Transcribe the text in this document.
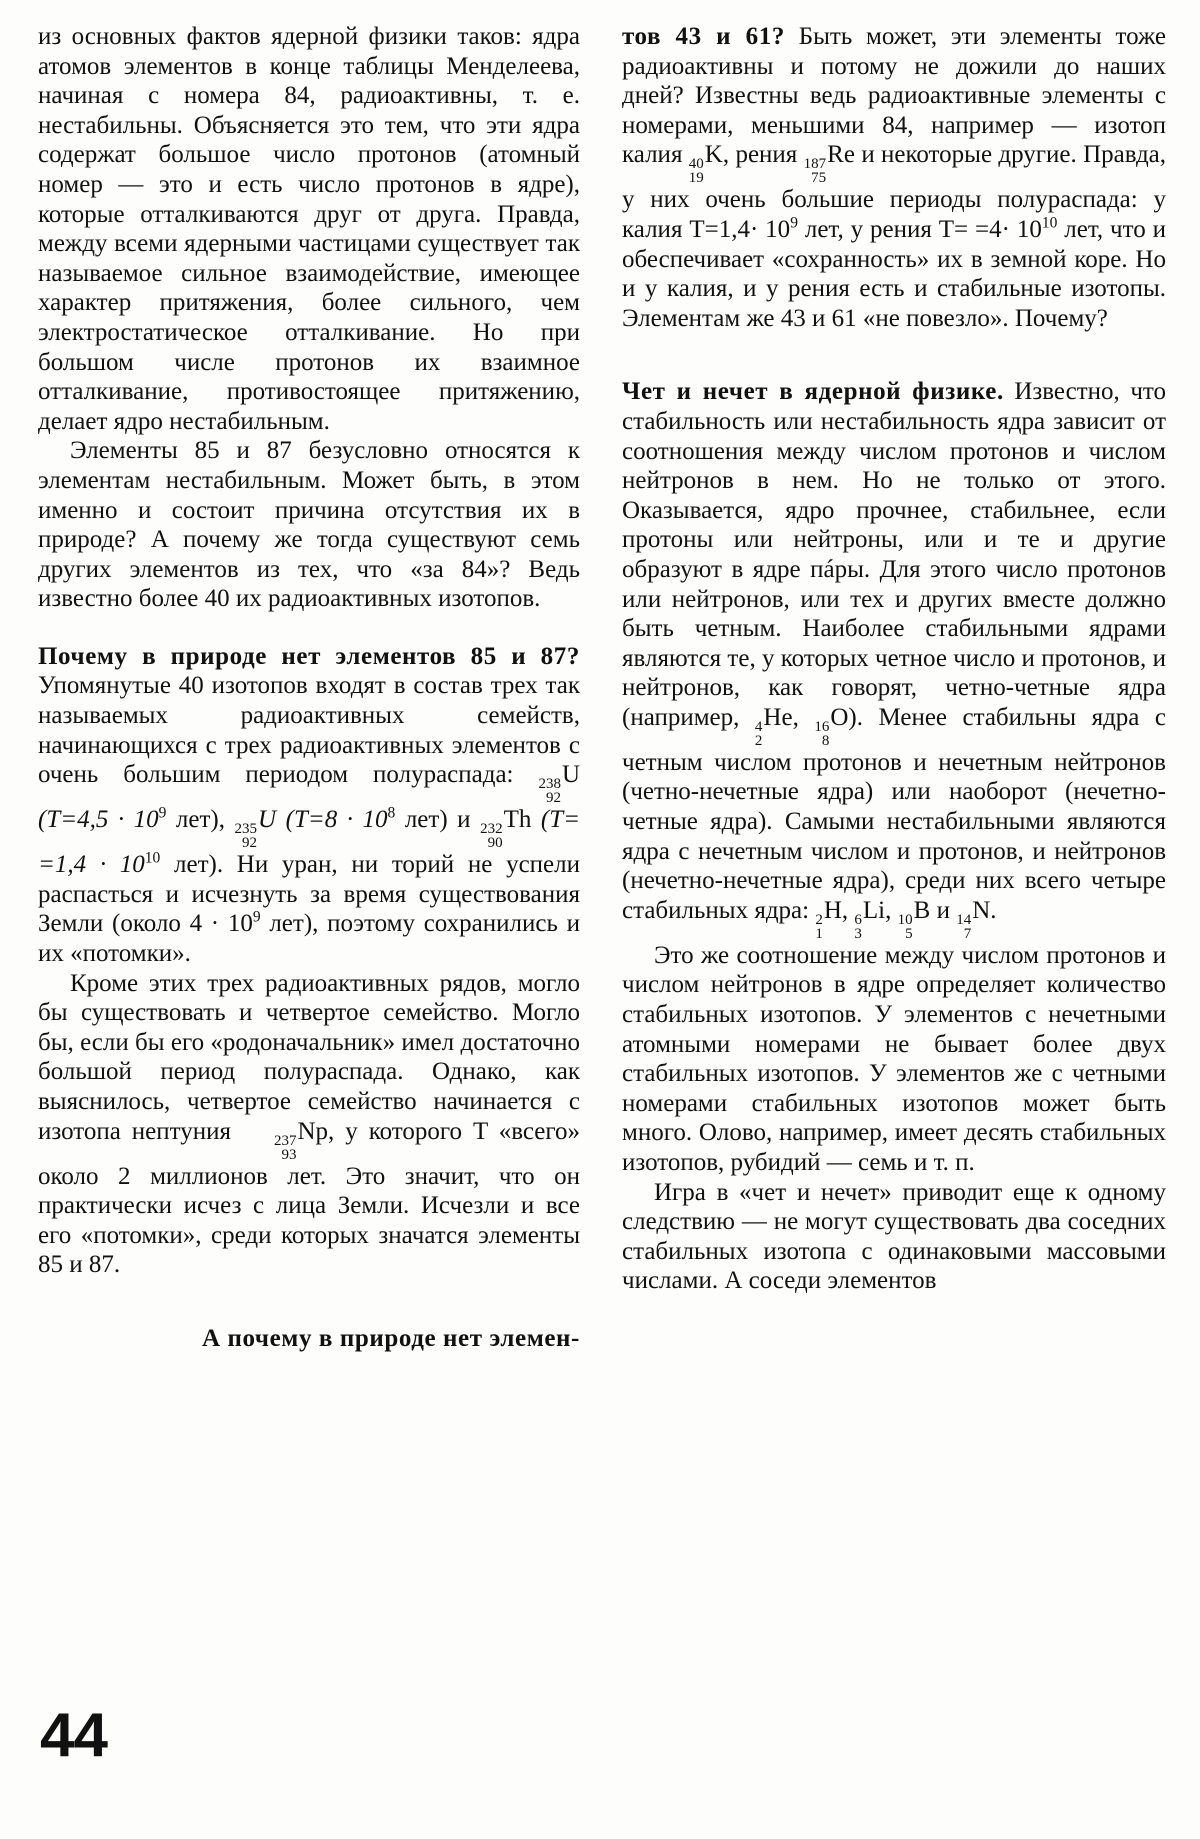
из основных фактов ядерной физики таков: ядра атомов элементов в конце таблицы Менделеева, начиная с номера 84, радиоактивны, т. е. нестабильны. Объясняется это тем, что эти ядра содержат большое число протонов (атомный номер — это и есть число протонов в ядре), которые отталкиваются друг от друга. Правда, между всеми ядерными частицами существует так называемое сильное взаимодействие, имеющее характер притяжения, более сильного, чем электростатическое отталкивание. Но при большом числе протонов их взаимное отталкивание, противостоящее притяжению, делает ядро нестабильным.

Элементы 85 и 87 безусловно относятся к элементам нестабильным. Может быть, в этом именно и состоит причина отсутствия их в природе? А почему же тогда существуют семь других элементов из тех, что «за 84»? Ведь известно более 40 их радиоактивных изотопов.

Почему в природе нет элементов 85 и 87? Упомянутые 40 изотопов входят в состав трех так называемых радиоактивных семейств, начинающихся с трех радиоактивных элементов с очень большим периодом полураспада: 238
92
U ($T=4,5 \cdot 10^9$ лет), 235
92
U ($T=8 \cdot 10^8$ лет) и 232
90
Th ($T= =1,4 \cdot 10^{10}$ лет). Ни уран, ни торий не успели распасться и исчезнуть за время существования Земли (около $4 \cdot 10^9$ лет), поэтому сохранились и их «потомки».

Кроме этих трех радиоактивных рядов, могло бы существовать и четвертое семейство. Могло бы, если бы его «родоначальник» имел достаточно большой период полураспада. Однако, как выяснилось, четвертое семейство начинается с изотопа нептуния	237
93
Np, у которого T «всего» около 2 миллионов лет. Это значит, что он практически исчез с лица Земли. Исчезли и все его «потомки», среди которых значатся элементы 85 и 87.

А почему в природе нет элемен-

тов 43 и 61? Быть может, эти элементы тоже радиоактивны и потому не дожили до наших дней? Известны ведь радиоактивные элементы с номерами, меньшими 84, например — изотоп калия 40
19
K, рения 187
75
Re и некоторые другие. Правда, у них очень большие периоды полураспада: у калия $T=1,4\cdot 10^9$ лет, у рения $T= =4\cdot 10^{10}$ лет, что и обеспечивает «сохранность» их в земной коре. Но и у калия, и у рения есть и стабильные изотопы. Элементам же 43 и 61 «не повезло». Почему?

Чет и нечет в ядерной физике. Известно, что стабильность или нестабильность ядра зависит от соотношения между числом протонов и числом нейтронов в нем. Но не только от этого. Оказывается, ядро прочнее, стабильнее, если протоны или нейтроны, или и те и другие образуют в ядре пáры. Для этого число протонов или нейтронов, или тех и других вместе должно быть четным. Наиболее стабильными ядрами являются те, у которых четное число и протонов, и нейтронов, как говорят, четно-четные ядра (например, 4
2
He, 16
8
O). Менее стабильны ядра с четным числом протонов и нечетным нейтронов (четно-нечетные ядра) или наоборот (нечетно-четные ядра). Самыми нестабильными являются ядра с нечетным числом и протонов, и нейтронов (нечетно-нечетные ядра), среди них всего четыре стабильных ядра: 2
1
H, 6
3
Li, 10
5
B и 14
7
N.

Это же соотношение между числом протонов и числом нейтронов в ядре определяет количество стабильных изотопов. У элементов с нечетными атомными номерами не бывает более двух стабильных изотопов. У элементов же с четными номерами стабильных изотопов может быть много. Олово, например, имеет десять стабильных изотопов, рубидий — семь и т. п.

Игра в «чет и нечет» приводит еще к одному следствию — не могут существовать два соседних стабильных изотопа с одинаковыми массовыми числами. А соседи элементов

44
